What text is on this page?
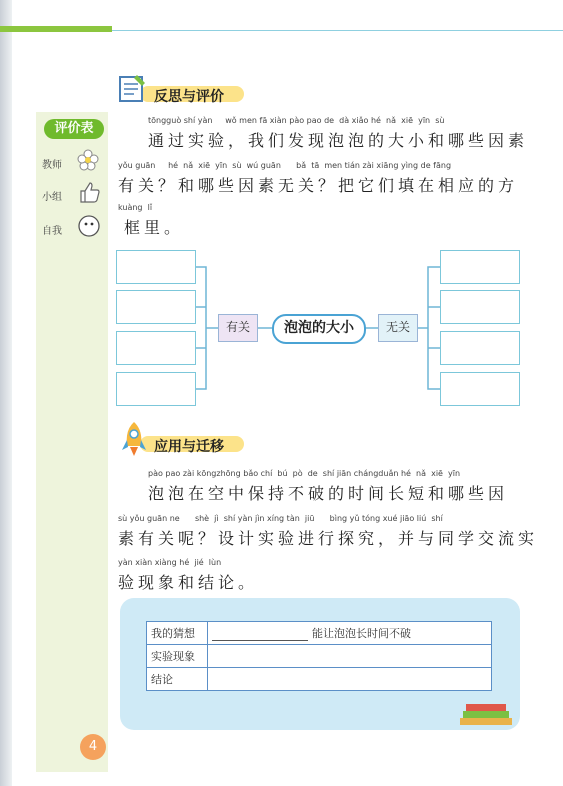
反思与评价
tōngguò shí yàn     wǒ men fā xiàn pào pao de  dà xiǎo hé  nǎ  xiē  yīn  sù
通过实验，我们发现泡泡的大小和哪些因素
yǒu guān     hé  nǎ  xiē  yīn  sù  wú guān      bǎ  tā  men tián zài xiāng yìng de fāng
有关？和哪些因素无关？把它们填在相应的方
kuàng  lǐ
框里。
评价表
教师
小组
自我
有关	泡泡的大小	无关
应用与迁移
pào pao zài kōngzhōng bǎo chí  bú  pò  de  shí jiān chángduǎn hé  nǎ  xiē  yīn
泡泡在空中保持不破的时间长短和哪些因
sù yǒu guān ne      shè  jì  shí yàn jìn xíng tàn  jiū      bìng yǔ tóng xué jiāo liú  shí
素有关呢？设计实验进行探究，并与同学交流实
yàn xiàn xiàng hé  jié  lùn
验现象和结论。
我的猜想	能让泡泡长时间不破
实验现象	
结论	
4
